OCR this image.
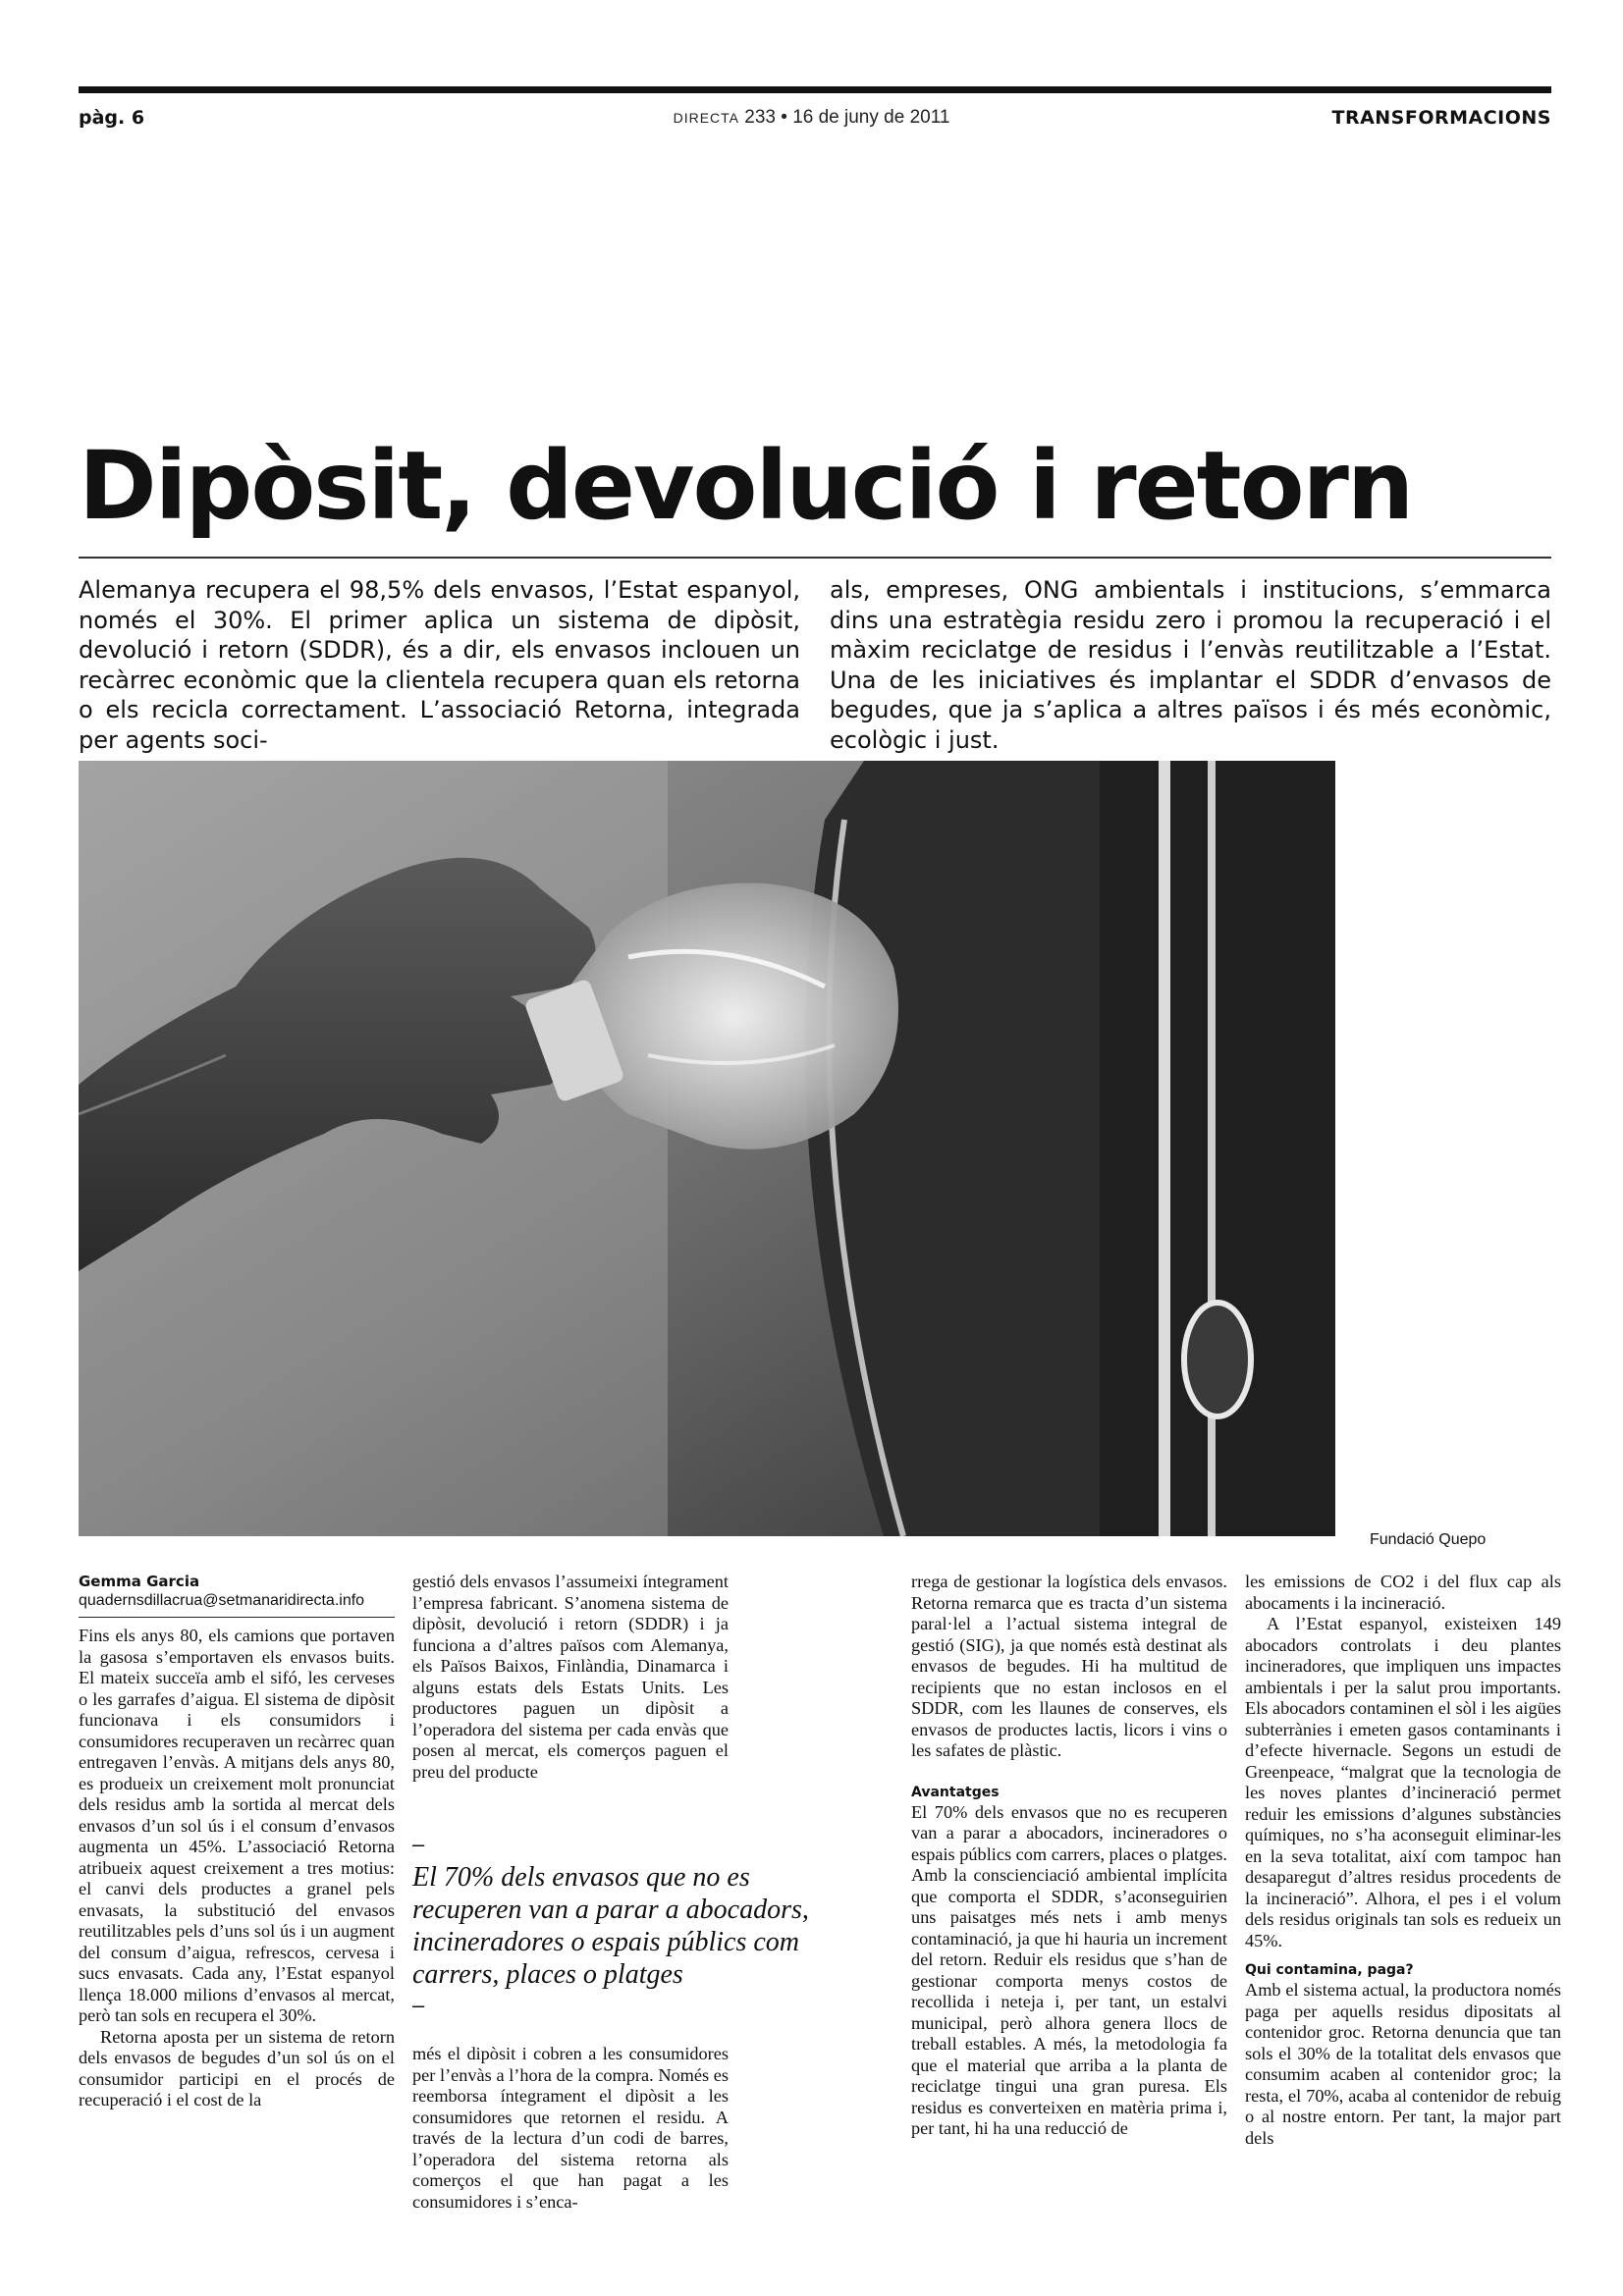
pàg. 6	DIRECTA 233 • 16 de juny de 2011	TRANSFORMACIONS
Dipòsit, devolució i retorn

Alemanya recupera el 98,5% dels envasos, l’Estat espanyol, només el 30%. El primer aplica un sistema de dipòsit, devolució i retorn (SDDR), és a dir, els envasos inclouen un recàrrec econòmic que la clientela recupera quan els retorna o els recicla correctament. L’associació Retorna, integrada per agents soci-

als, empreses, ONG ambientals i institucions, s’emmarca dins una estratègia residu zero i promou la recuperació i el màxim reciclatge de residus i l’envàs reutilitzable a l’Estat. Una de les iniciatives és implantar el SDDR d’envasos de begudes, que ja s’aplica a altres països i és més econòmic, ecològic i just.

Fundació Quepo
Gemma Garcia
quadernsdillacrua@setmanaridirecta.info

Fins els anys 80, els camions que portaven la gasosa s’emportaven els envasos buits. El mateix succeïa amb el sifó, les cerveses o les garrafes d’aigua. El sistema de dipòsit funcionava i els consumidors i consumidores recuperaven un recàrrec quan entregaven l’envàs. A mitjans dels anys 80, es produeix un creixement molt pronunciat dels residus amb la sortida al mercat dels envasos d’un sol ús i el consum d’envasos augmenta un 45%. L’associació Retorna atribueix aquest creixement a tres motius: el canvi dels productes a granel pels envasats, la substitució del envasos reutilitzables pels d’uns sol ús i un augment del consum d’aigua, refrescos, cervesa i sucs envasats. Cada any, l’Estat espanyol llença 18.000 milions d’envasos al mercat, però tan sols en recupera el 30%.

Retorna aposta per un sistema de retorn dels envasos de begudes d’un sol ús on el consumidor participi en el procés de recuperació i el cost de la

gestió dels envasos l’assumeixi íntegrament l’empresa fabricant. S’anomena sistema de dipòsit, devolució i retorn (SDDR) i ja funciona a d’altres països com Alemanya, els Països Baixos, Finlàndia, Dinamarca i alguns estats dels Estats Units. Les productores paguen un dipòsit a l’operadora del sistema per cada envàs que posen al mercat, els comerços paguen el preu del producte

–
El 70% dels envasos que no es recuperen van a parar a abocadors, incineradores o espais públics com carrers, places o platges
–

més el dipòsit i cobren a les consumidores per l’envàs a l’hora de la compra. Només es reemborsa íntegrament el dipòsit a les consumidores que retornen el residu. A través de la lectura d’un codi de barres, l’operadora del sistema retorna als comerços el que han pagat a les consumidores i s’enca-

rrega de gestionar la logística dels envasos. Retorna remarca que es tracta d’un sistema paral·lel a l’actual sistema integral de gestió (SIG), ja que només està destinat als envasos de begudes. Hi ha multitud de recipients que no estan inclosos en el SDDR, com les llaunes de conserves, els envasos de productes lactis, licors i vins o les safates de plàstic.

Avantatges

El 70% dels envasos que no es recuperen van a parar a abocadors, incineradores o espais públics com carrers, places o platges. Amb la conscienciació ambiental implícita que comporta el SDDR, s’aconseguirien uns paisatges més nets i amb menys contaminació, ja que hi hauria un increment del retorn. Reduir els residus que s’han de gestionar comporta menys costos de recollida i neteja i, per tant, un estalvi municipal, però alhora genera llocs de treball estables. A més, la metodologia fa que el material que arriba a la planta de reciclatge tingui una gran puresa. Els residus es converteixen en matèria prima i, per tant, hi ha una reducció de

les emissions de CO2 i del flux cap als abocaments i la incineració.

A l’Estat espanyol, existeixen 149 abocadors controlats i deu plantes incineradores, que impliquen uns impactes ambientals i per la salut prou importants. Els abocadors contaminen el sòl i les aigües subterrànies i emeten gasos contaminants i d’efecte hivernacle. Segons un estudi de Greenpeace, “malgrat que la tecnologia de les noves plantes d’incineració permet reduir les emissions d’algunes substàncies químiques, no s’ha aconseguit eliminar-les en la seva totalitat, així com tampoc han desaparegut d’altres residus procedents de la incineració”. Alhora, el pes i el volum dels residus originals tan sols es redueix un 45%.

Qui contamina, paga?

Amb el sistema actual, la productora només paga per aquells residus dipositats al contenidor groc. Retorna denuncia que tan sols el 30% de la totalitat dels envasos que consumim acaben al contenidor groc; la resta, el 70%, acaba al contenidor de rebuig o al nostre entorn. Per tant, la major part dels
